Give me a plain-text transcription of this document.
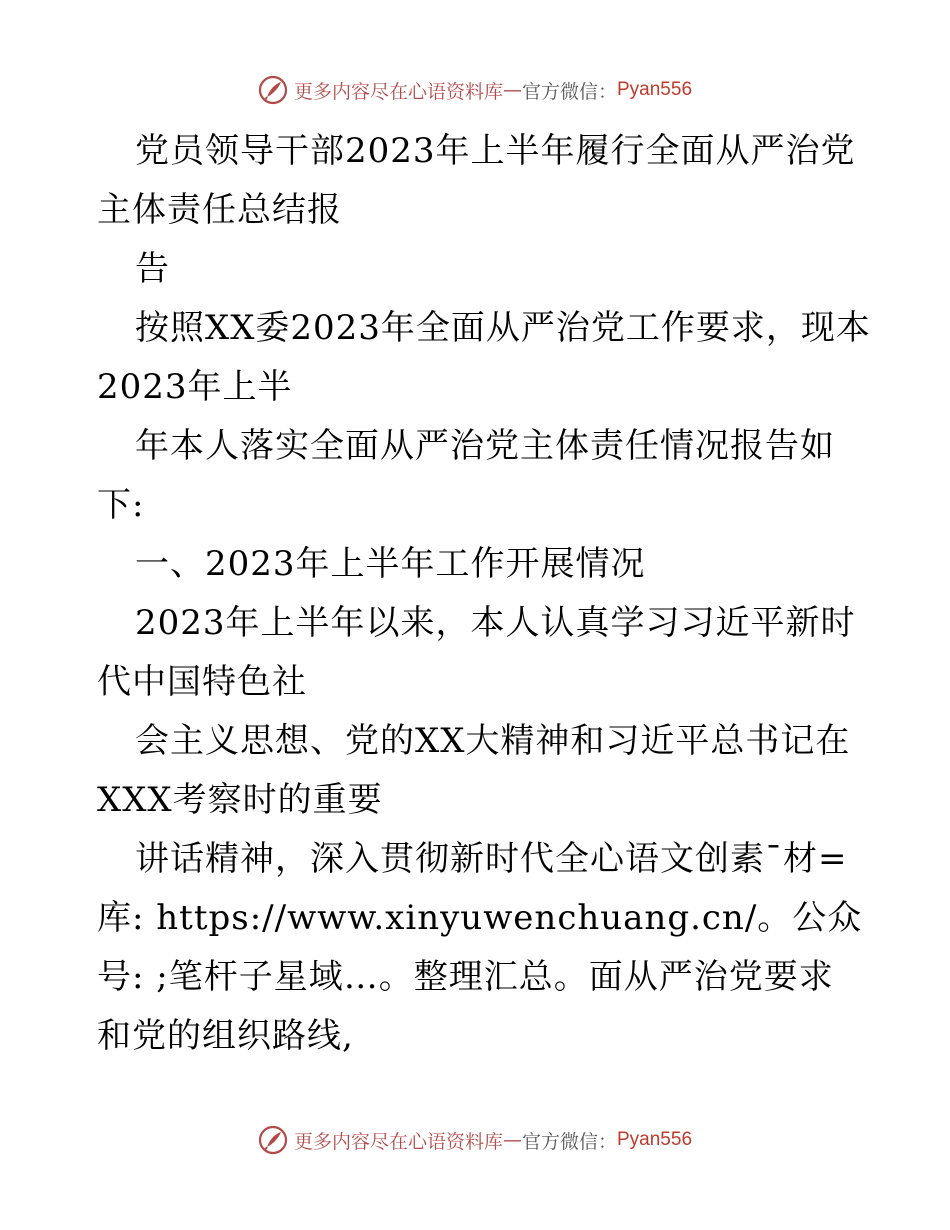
更多内容尽在心语资料库 — 官方微信： Pyan556
党员领导干部2023年上半年履行全面从严治党
主体责任总结报
告
按照XX委2023年全面从严治党工作要求，现本
2023年上半
年本人落实全面从严治党主体责任情况报告如
下:
一、2023年上半年工作开展情况
2023年上半年以来，本人认真学习习近平新时
代中国特色社
会主义思想、党的XX大精神和习近平总书记在
XXX考察时的重要
讲话精神，深入贯彻新时代全心语文创素¯材=
库: https://www.xinyuwenchuang.cn/。公众
号: ;笔杆子星域…。整理汇总。面从严治党要求
和党的组织路线,
更多内容尽在心语资料库 — 官方微信： Pyan556
